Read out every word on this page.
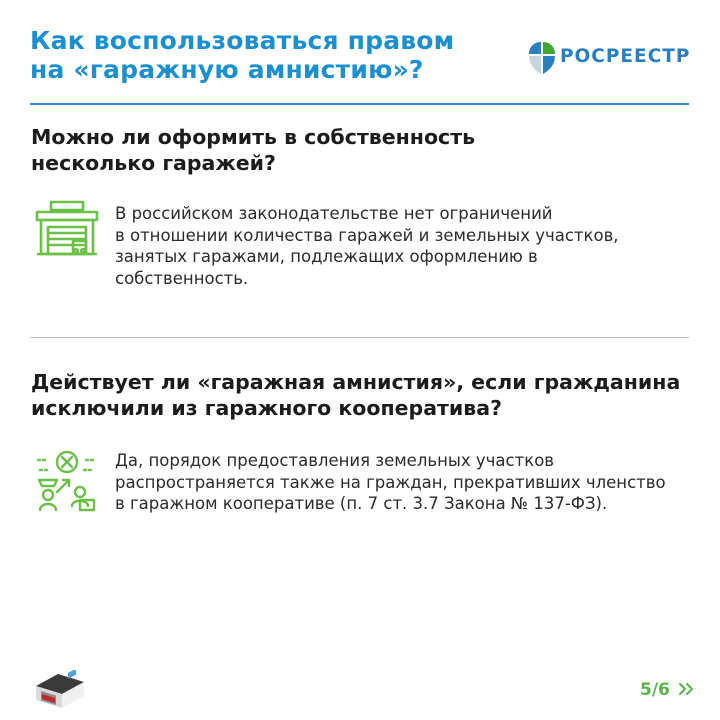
Как воспользоваться правом
на «гаражную амнистию»?	РОСРЕЕСТР
Можно ли оформить в собственность
несколько гаражей?
В российском законодательстве нет ограничений
в отношении количества гаражей и земельных участков,
занятых гаражами, подлежащих оформлению в
собственность.
Действует ли «гаражная амнистия», если гражданина
исключили из гаражного кооператива?
Да, порядок предоставления земельных участков
распространяется также на граждан, прекративших членство
в гаражном кооперативе (п. 7 ст. 3.7 Закона № 137-ФЗ).
5/6
